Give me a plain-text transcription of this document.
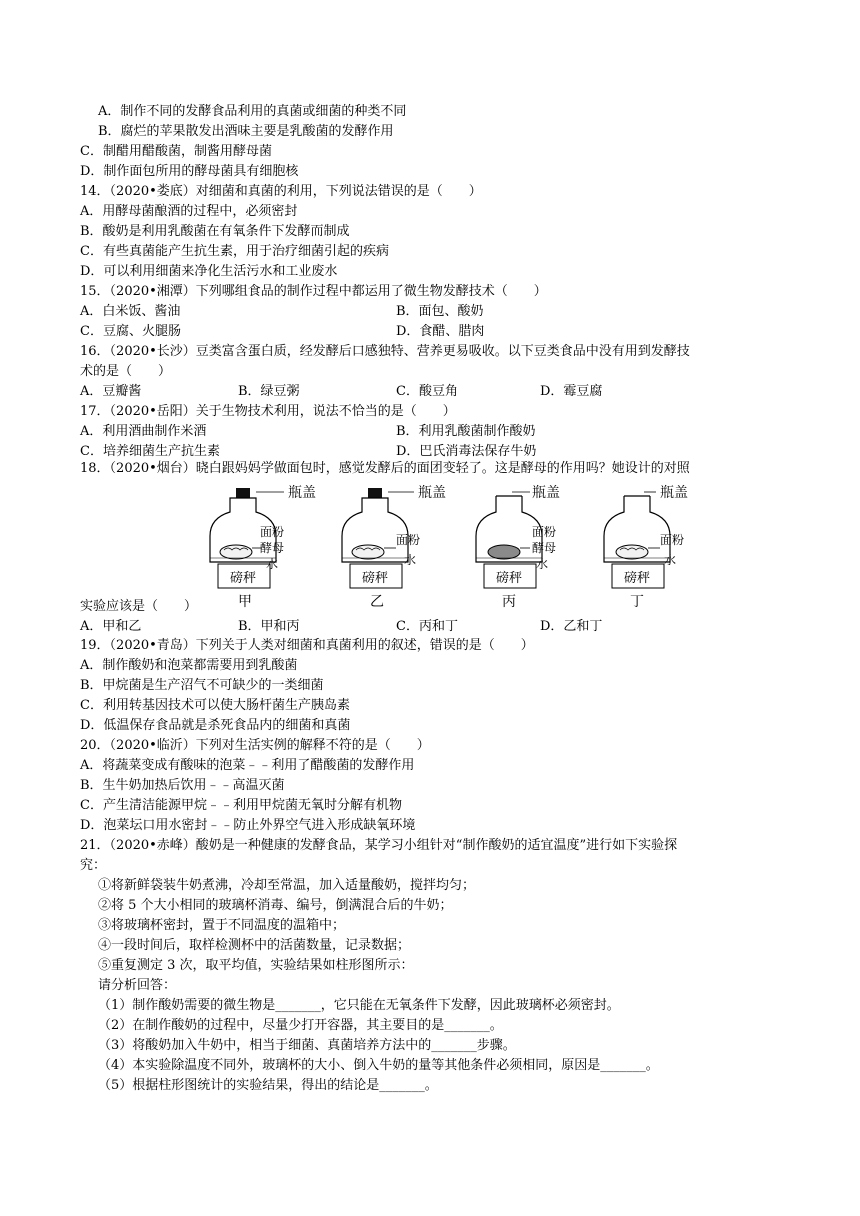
A．制作不同的发酵食品利用的真菌或细菌的种类不同
B．腐烂的苹果散发出酒味主要是乳酸菌的发酵作用
C．制醋用醋酸菌，制酱用酵母菌
D．制作面包所用的酵母菌具有细胞核
14．（2020•娄底）对细菌和真菌的利用，下列说法错误的是（　　）
A．用酵母菌酿酒的过程中，必须密封
B．酸奶是利用乳酸菌在有氧条件下发酵而制成
C．有些真菌能产生抗生素，用于治疗细菌引起的疾病
D．可以利用细菌来净化生活污水和工业废水
15．（2020•湘潭）下列哪组食品的制作过程中都运用了微生物发酵技术（　　）
A．白米饭、酱油	B．面包、酸奶
C．豆腐、火腿肠	D．食醋、腊肉
16．（2020•长沙）豆类富含蛋白质，经发酵后口感独特、营养更易吸收。以下豆类食品中没有用到发酵技
术的是（　　）
A．豆瓣酱	B．绿豆粥	C．酸豆角	D．霉豆腐
17．（2020•岳阳）关于生物技术利用，说法不恰当的是（　　）
A．利用酒曲制作米酒	B．利用乳酸菌制作酸奶
C．培养细菌生产抗生素	D．巴氏消毒法保存牛奶
18．（2020•烟台）晓白跟妈妈学做面包时，感觉发酵后的面团变轻了。这是酵母的作用吗？她设计的对照
瓶盖
面粉
酵母
水
磅秤
甲
瓶盖
面粉
水
磅秤
乙
瓶盖
面粉
酵母
水
磅秤
丙
瓶盖
面粉
水
磅秤
丁
实验应该是（　　）
A．甲和乙	B．甲和丙	C．丙和丁	D．乙和丁
19．（2020•青岛）下列关于人类对细菌和真菌利用的叙述，错误的是（　　）
A．制作酸奶和泡菜都需要用到乳酸菌
B．甲烷菌是生产沼气不可缺少的一类细菌
C．利用转基因技术可以使大肠杆菌生产胰岛素
D．低温保存食品就是杀死食品内的细菌和真菌
20．（2020•临沂）下列对生活实例的解释不符的是（　　）
A．将蔬菜变成有酸味的泡菜﹣﹣利用了醋酸菌的发酵作用
B．生牛奶加热后饮用﹣﹣高温灭菌
C．产生清洁能源甲烷﹣﹣利用甲烷菌无氧时分解有机物
D．泡菜坛口用水密封﹣﹣防止外界空气进入形成缺氧环境
21．（2020•赤峰）酸奶是一种健康的发酵食品，某学习小组针对“制作酸奶的适宜温度”进行如下实验探
究：
①将新鲜袋装牛奶煮沸，冷却至常温，加入适量酸奶，搅拌均匀；
②将 5 个大小相同的玻璃杯消毒、编号，倒满混合后的牛奶；
③将玻璃杯密封，置于不同温度的温箱中；
④一段时间后，取样检测杯中的活菌数量，记录数据；
⑤重复测定 3 次，取平均值，实验结果如柱形图所示：
请分析回答：
（1）制作酸奶需要的微生物是_______，它只能在无氧条件下发酵，因此玻璃杯必须密封。
（2）在制作酸奶的过程中，尽量少打开容器，其主要目的是_______。
（3）将酸奶加入牛奶中，相当于细菌、真菌培养方法中的_______步骤。
（4）本实验除温度不同外，玻璃杯的大小、倒入牛奶的量等其他条件必须相同，原因是_______。
（5）根据柱形图统计的实验结果，得出的结论是_______。
